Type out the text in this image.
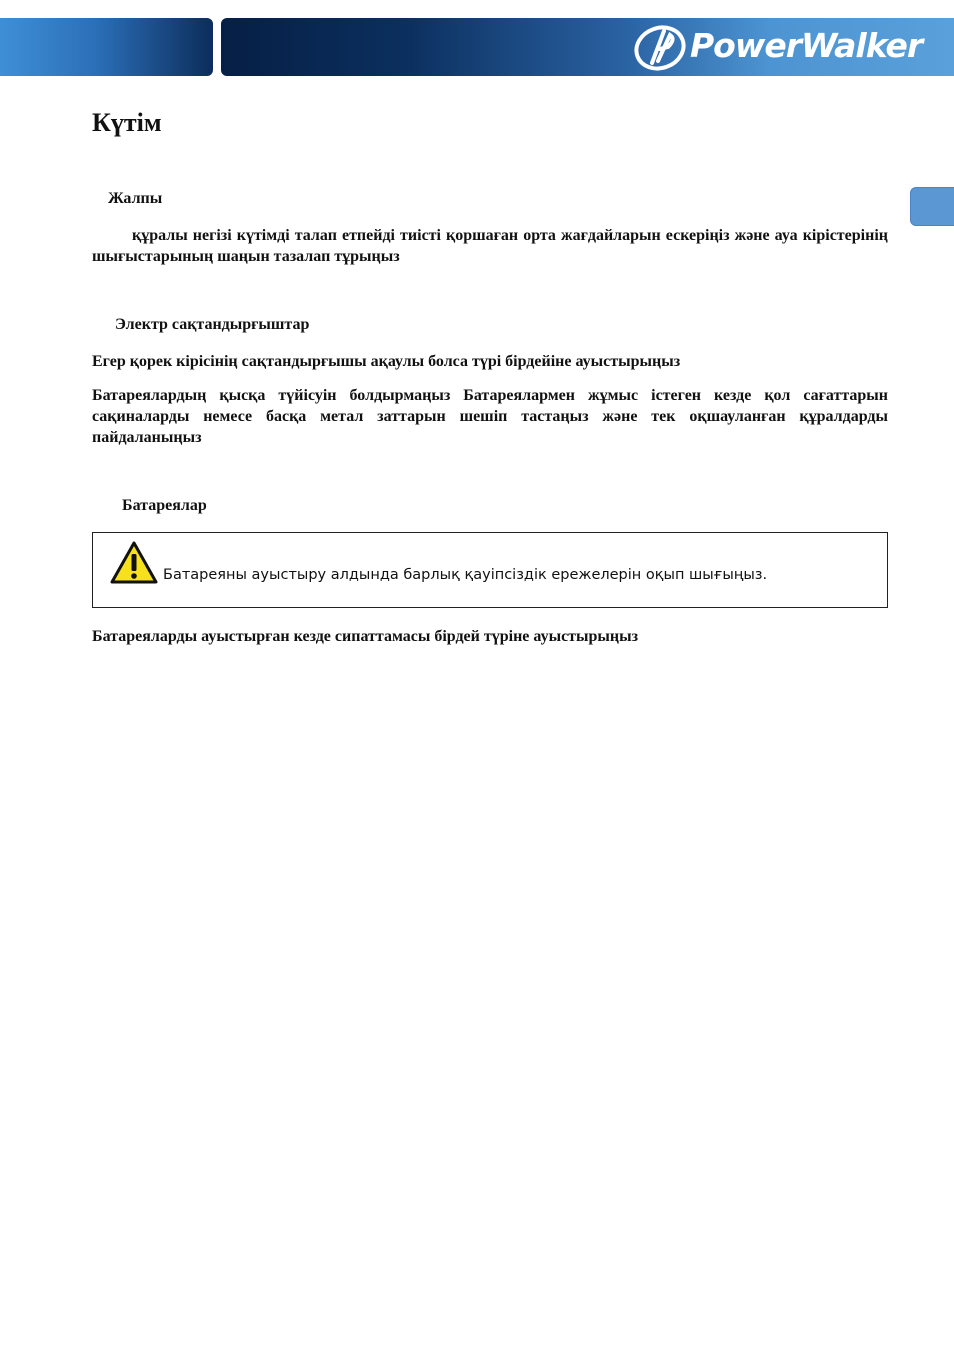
PowerWalker
Күтім
Жалпы

құралы негізі күтімді талап етпейді тиісті қоршаған орта жағдайларын ескеріңіз және ауа кірістерінің шығыстарының шаңын тазалап тұрыңыз

Электр сақтандырғыштар

Егер қорек кірісінің сақтандырғышы ақаулы болса түрі бірдейіне ауыстырыңыз

Батареялардың қысқа түйісуін болдырмаңыз Батареялармен жұмыс істеген кезде қол сағаттарын сақиналарды немесе басқа метал заттарын шешіп тастаңыз және тек оқшауланған құралдарды пайдаланыңыз

Батареялар
Батареяны ауыстыру алдында барлық қауіпсіздік ережелерін оқып шығыңыз.

Батареяларды ауыстырған кезде сипаттамасы бірдей түріне ауыстырыңыз
